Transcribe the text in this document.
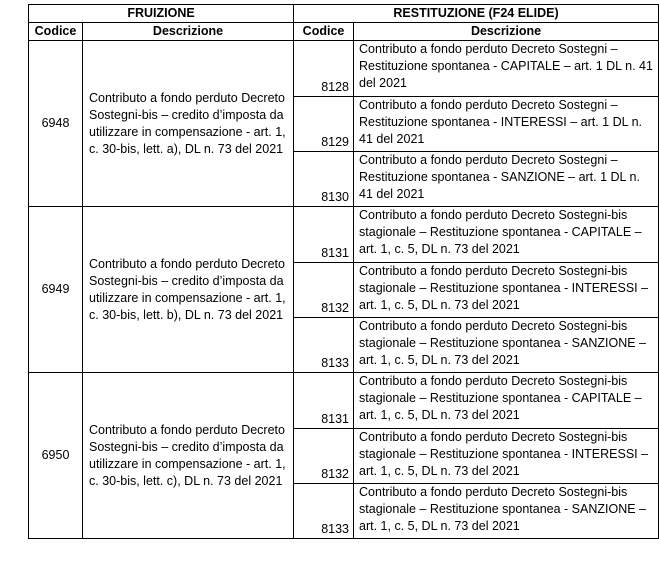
FRUIZIONE		RESTITUZIONE (F24 ELIDE)	
Codice	Descrizione	Codice	Descrizione
6948	Contributo a fondo perduto Decreto Sostegni-bis – credito d’imposta da utilizzare in compensazione - art. 1, c. 30-bis, lett. a), DL n. 73 del 2021	8128	Contributo a fondo perduto Decreto Sostegni – Restituzione spontanea - CAPITALE – art. 1 DL n. 41 del 2021
		8129	Contributo a fondo perduto Decreto Sostegni – Restituzione spontanea - INTERESSI – art. 1 DL n. 41 del 2021
		8130	Contributo a fondo perduto Decreto Sostegni – Restituzione spontanea - SANZIONE – art. 1 DL n. 41 del 2021
6949	Contributo a fondo perduto Decreto Sostegni-bis – credito d’imposta da utilizzare in compensazione - art. 1, c. 30-bis, lett. b), DL n. 73 del 2021	8131	Contributo a fondo perduto Decreto Sostegni-bis stagionale – Restituzione spontanea - CAPITALE – art. 1, c. 5, DL n. 73 del 2021
		8132	Contributo a fondo perduto Decreto Sostegni-bis stagionale – Restituzione spontanea - INTERESSI – art. 1, c. 5, DL n. 73 del 2021
		8133	Contributo a fondo perduto Decreto Sostegni-bis stagionale – Restituzione spontanea - SANZIONE – art. 1, c. 5, DL n. 73 del 2021
6950	Contributo a fondo perduto Decreto Sostegni-bis – credito d’imposta da utilizzare in compensazione - art. 1, c. 30-bis, lett. c), DL n. 73 del 2021	8131	Contributo a fondo perduto Decreto Sostegni-bis stagionale – Restituzione spontanea - CAPITALE – art. 1, c. 5, DL n. 73 del 2021
		8132	Contributo a fondo perduto Decreto Sostegni-bis stagionale – Restituzione spontanea - INTERESSI – art. 1, c. 5, DL n. 73 del 2021
		8133	Contributo a fondo perduto Decreto Sostegni-bis stagionale – Restituzione spontanea - SANZIONE – art. 1, c. 5, DL n. 73 del 2021
